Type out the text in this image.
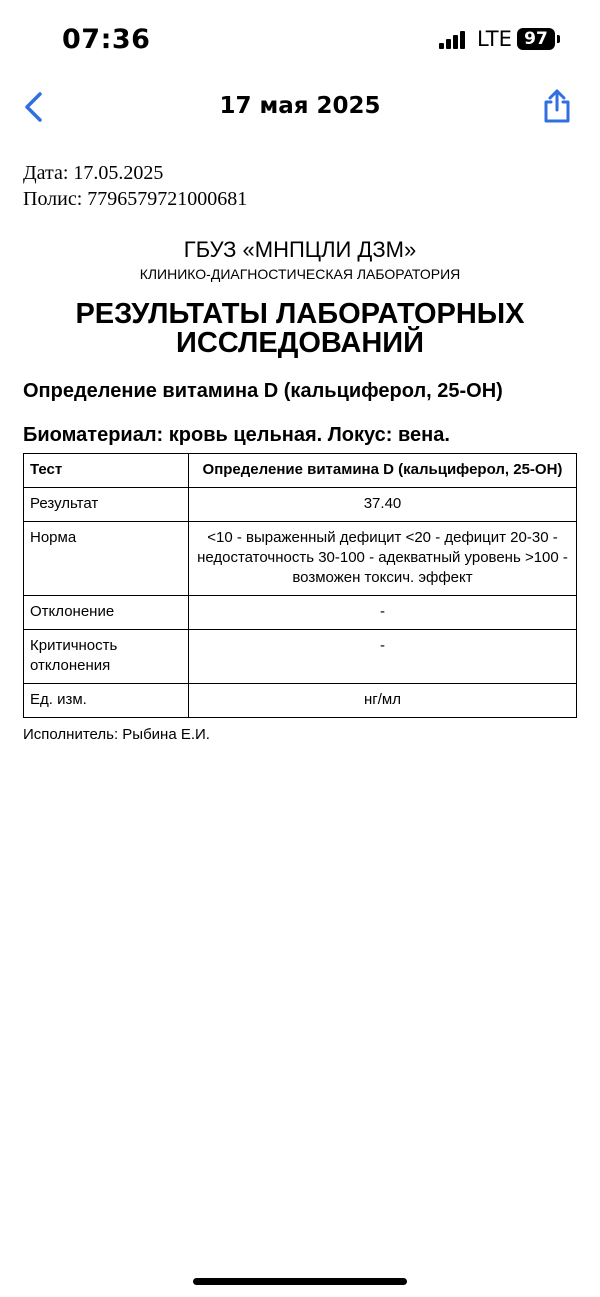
07:36	LTE 97
17 мая 2025
Дата: 17.05.2025
Полис: 7796579721000681
ГБУЗ «МНПЦЛИ ДЗМ»
КЛИНИКО-ДИАГНОСТИЧЕСКАЯ ЛАБОРАТОРИЯ
РЕЗУЛЬТАТЫ ЛАБОРАТОРНЫХ ИССЛЕДОВАНИЙ
Определение витамина D (кальциферол, 25-ОН)
Биоматериал: кровь цельная. Локус: вена.
Тест	Определение витамина D (кальциферол, 25-ОН)
Результат	37.40
Норма	<10 - выраженный дефицит <20 - дефицит 20-30 - недостаточность 30-100 - адекватный уровень >100 - возможен токсич. эффект
Отклонение	-
Критичность отклонения	-
Ед. изм.	нг/мл
Исполнитель: Рыбина Е.И.
